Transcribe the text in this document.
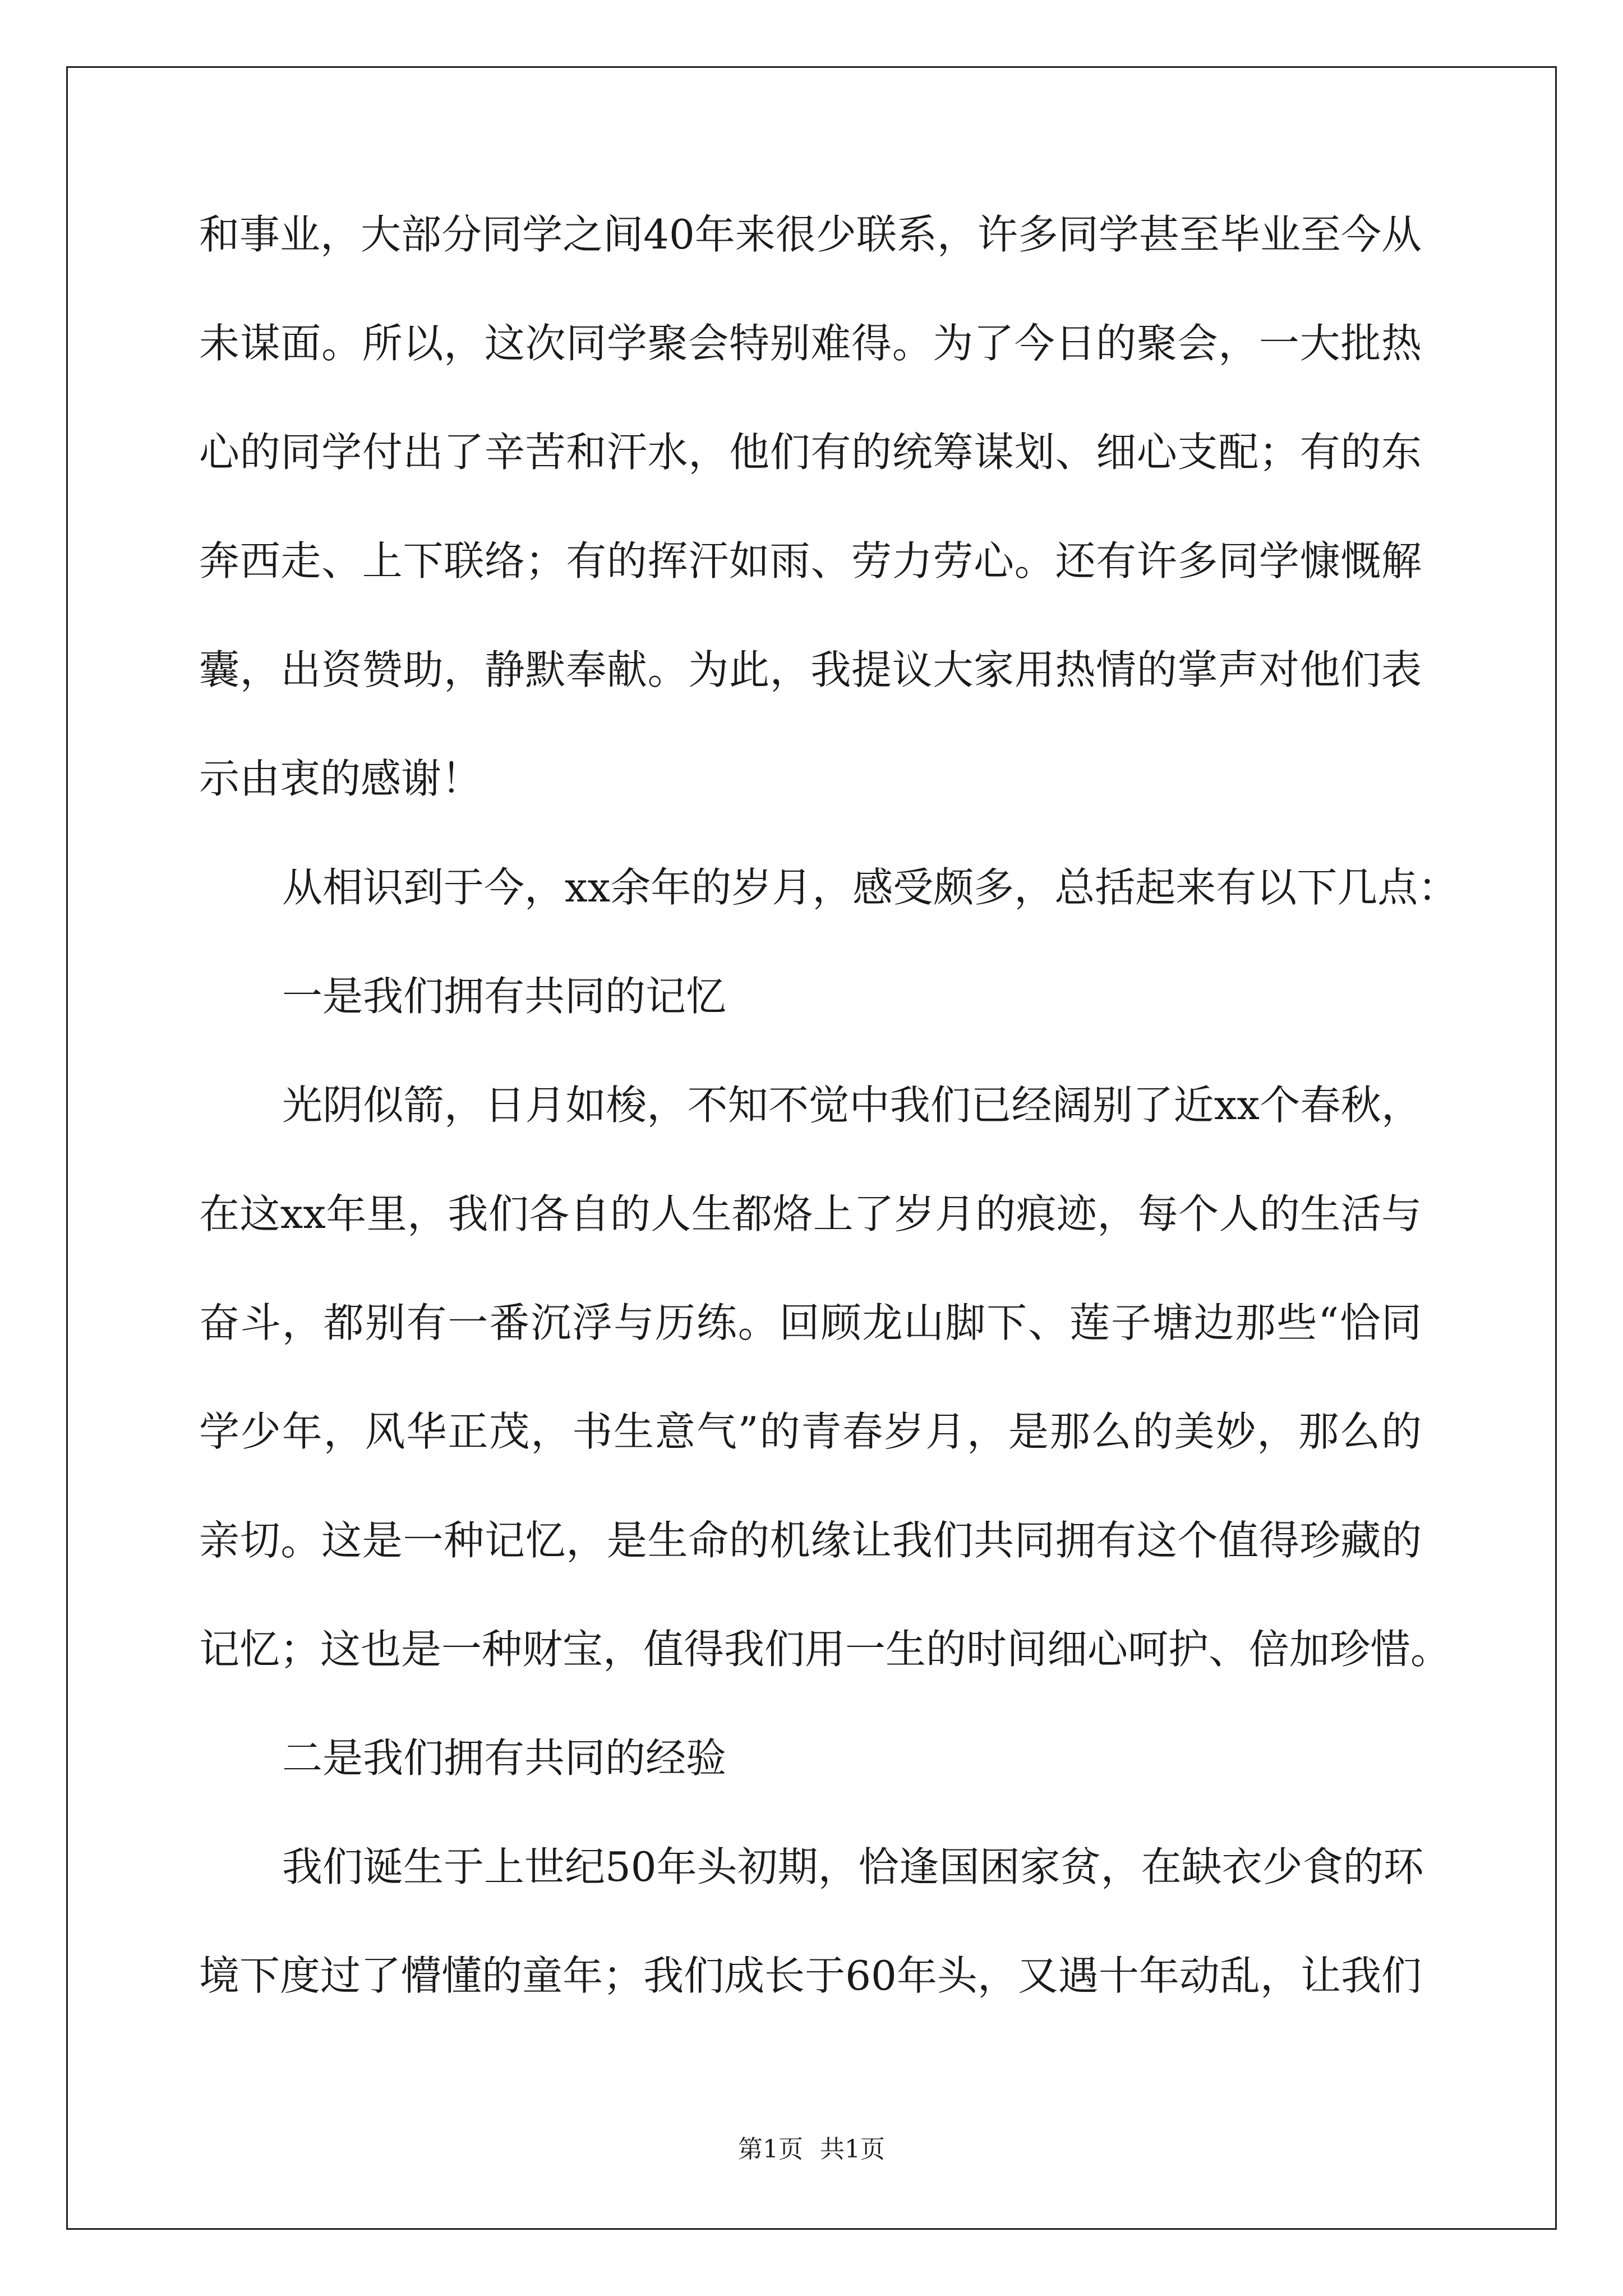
和事业，大部分同学之间40年来很少联系，许多同学甚至毕业至今从
未谋面。所以，这次同学聚会特别难得。为了今日的聚会，一大批热
心的同学付出了辛苦和汗水，他们有的统筹谋划、细心支配；有的东
奔西走、上下联络；有的挥汗如雨、劳力劳心。还有许多同学慷慨解
囊，出资赞助，静默奉献。为此，我提议大家用热情的掌声对他们表
示由衷的感谢！
从相识到于今，xx余年的岁月，感受颇多，总括起来有以下几点：
一是我们拥有共同的记忆
光阴似箭，日月如梭，不知不觉中我们已经阔别了近xx个春秋，
在这xx年里，我们各自的人生都烙上了岁月的痕迹，每个人的生活与
奋斗，都别有一番沉浮与历练。回顾龙山脚下、莲子塘边那些“恰同
学少年，风华正茂，书生意气”的青春岁月，是那么的美妙，那么的
亲切。这是一种记忆，是生命的机缘让我们共同拥有这个值得珍藏的
记忆；这也是一种财宝，值得我们用一生的时间细心呵护、倍加珍惜。
二是我们拥有共同的经验
我们诞生于上世纪50年头初期，恰逢国困家贫，在缺衣少食的环
境下度过了懵懂的童年；我们成长于60年头，又遇十年动乱，让我们
第1页 共1页
